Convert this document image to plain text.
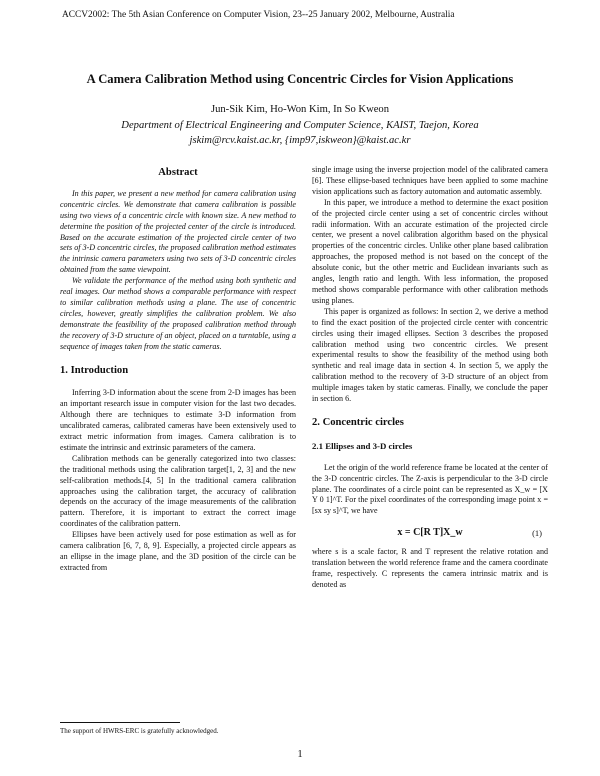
ACCV2002: The 5th Asian Conference on Computer Vision, 23--25 January 2002, Melbourne, Australia
A Camera Calibration Method using Concentric Circles for Vision Applications
Jun-Sik Kim, Ho-Won Kim, In So Kweon
Department of Electrical Engineering and Computer Science, KAIST, Taejon, Korea
jskim@rcv.kaist.ac.kr, {imp97,iskweon}@kaist.ac.kr
Abstract

In this paper, we present a new method for camera calibration using concentric circles. We demonstrate that camera calibration is possible using two views of a concentric circle with known size. A new method to determine the position of the projected center of the circle is introduced. Based on the accurate estimation of the projected circle center of two sets of 3-D concentric circles, the proposed calibration method estimates the intrinsic camera parameters using two sets of 3-D concentric circles obtained from the same viewpoint.

We validate the performance of the method using both synthetic and real images. Our method shows a comparable performance with respect to similar calibration methods using a plane. The use of concentric circles, however, greatly simplifies the calibration problem. We also demonstrate the feasibility of the proposed calibration method through the recovery of 3-D structure of an object, placed on a turntable, using a sequence of images taken from the static cameras.

1. Introduction

Inferring 3-D information about the scene from 2-D images has been an important research issue in computer vision for the last two decades. Although there are techniques to estimate 3-D information from uncalibrated cameras, calibrated cameras have been extensively used to extract metric information from images. Camera calibration is to estimate the intrinsic and extrinsic parameters of the camera.

Calibration methods can be generally categorized into two classes: the traditional methods using the calibration target[1, 2, 3] and the new self-calibration methods.[4, 5] In the traditional camera calibration approaches using the calibration target, the accuracy of calibration depends on the accuracy of the image measurements of the calibration pattern. Therefore, it is important to extract the correct image coordinates of the calibration pattern.

Ellipses have been actively used for pose estimation as well as for camera calibration [6, 7, 8, 9]. Especially, a projected circle appears as an ellipse in the image plane, and the 3D position of the circle can be extracted from

single image using the inverse projection model of the calibrated camera [6]. These ellipse-based techniques have been applied to some machine vision applications such as factory automation and automatic assembly.

In this paper, we introduce a method to determine the exact position of the projected circle center using a set of concentric circles without radii information. With an accurate estimation of the projected circle center, we present a novel calibration algorithm based on the physical properties of the concentric circles. Unlike other plane based calibration approaches, the proposed method is not based on the concept of the absolute conic, but the other metric and Euclidean invariants such as angles, length ratio and length. With less information, the proposed method shows comparable performance with other calibration methods using planes.

This paper is organized as follows: In section 2, we derive a method to find the exact position of the projected circle center with concentric circles using their imaged ellipses. Section 3 describes the proposed calibration method using two concentric circles. We present experimental results to show the feasibility of the method using both synthetic and real image data in section 4. In section 5, we apply the calibration method to the recovery of 3-D structure of an object from multiple images taken by static cameras. Finally, we conclude the paper in section 6.

2. Concentric circles
2.1 Ellipses and 3-D circles

Let the origin of the world reference frame be located at the center of the 3-D concentric circles. The Z-axis is perpendicular to the 3-D circle plane. The coordinates of a circle point can be represented as X_w = [X Y 0 1]^T. For the pixel coordinates of the corresponding image point x = [sx sy s]^T, we have

x = C[R T]X_w	(1)

where s is a scale factor, R and T represent the relative rotation and translation between the world reference frame and the camera coordinate frame, respectively. C represents the camera intrinsic matrix and is denoted as

The support of HWRS-ERC is gratefully acknowledged.
1
